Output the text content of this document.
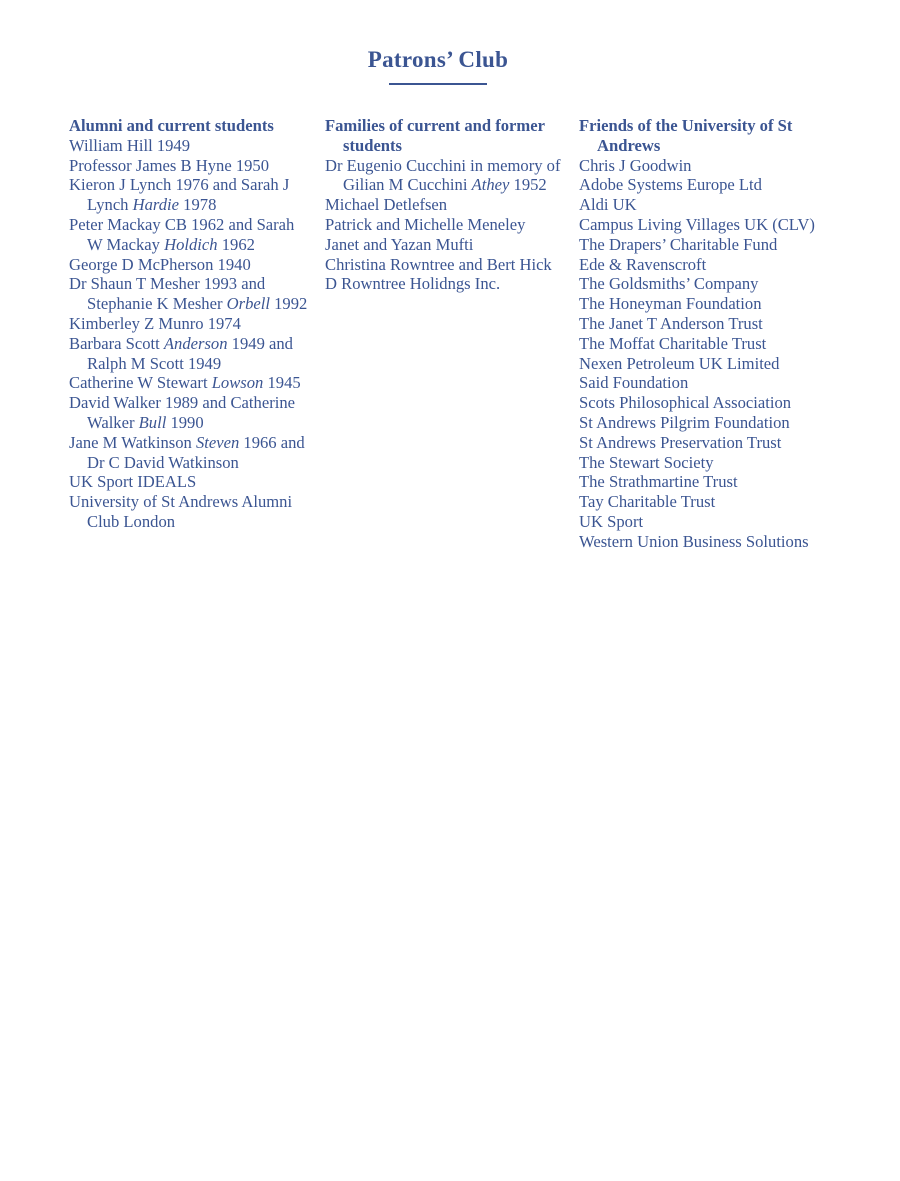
Patrons’ Club
Alumni and current students
William Hill 1949
Professor James B Hyne 1950
Kieron J Lynch 1976 and Sarah J Lynch Hardie 1978
Peter Mackay CB 1962 and Sarah W Mackay Holdich 1962
George D McPherson 1940
Dr Shaun T Mesher 1993 and Stephanie K Mesher Orbell 1992
Kimberley Z Munro 1974
Barbara Scott Anderson 1949 and Ralph M Scott 1949
Catherine W Stewart Lowson 1945
David Walker 1989 and Catherine Walker Bull 1990
Jane M Watkinson Steven 1966 and Dr C David Watkinson
UK Sport IDEALS
University of St Andrews Alumni Club London
Families of current and former students
Dr Eugenio Cucchini in memory of Gilian M Cucchini Athey 1952
Michael Detlefsen
Patrick and Michelle Meneley
Janet and Yazan Mufti
Christina Rowntree and Bert Hick
D Rowntree Holidngs Inc.
Friends of the University of St Andrews
Chris J Goodwin
Adobe Systems Europe Ltd
Aldi UK
Campus Living Villages UK (CLV)
The Drapers’ Charitable Fund
Ede & Ravenscroft
The Goldsmiths’ Company
The Honeyman Foundation
The Janet T Anderson Trust
The Moffat Charitable Trust
Nexen Petroleum UK Limited
Said Foundation
Scots Philosophical Association
St Andrews Pilgrim Foundation
St Andrews Preservation Trust
The Stewart Society
The Strathmartine Trust
Tay Charitable Trust
UK Sport
Western Union Business Solutions
